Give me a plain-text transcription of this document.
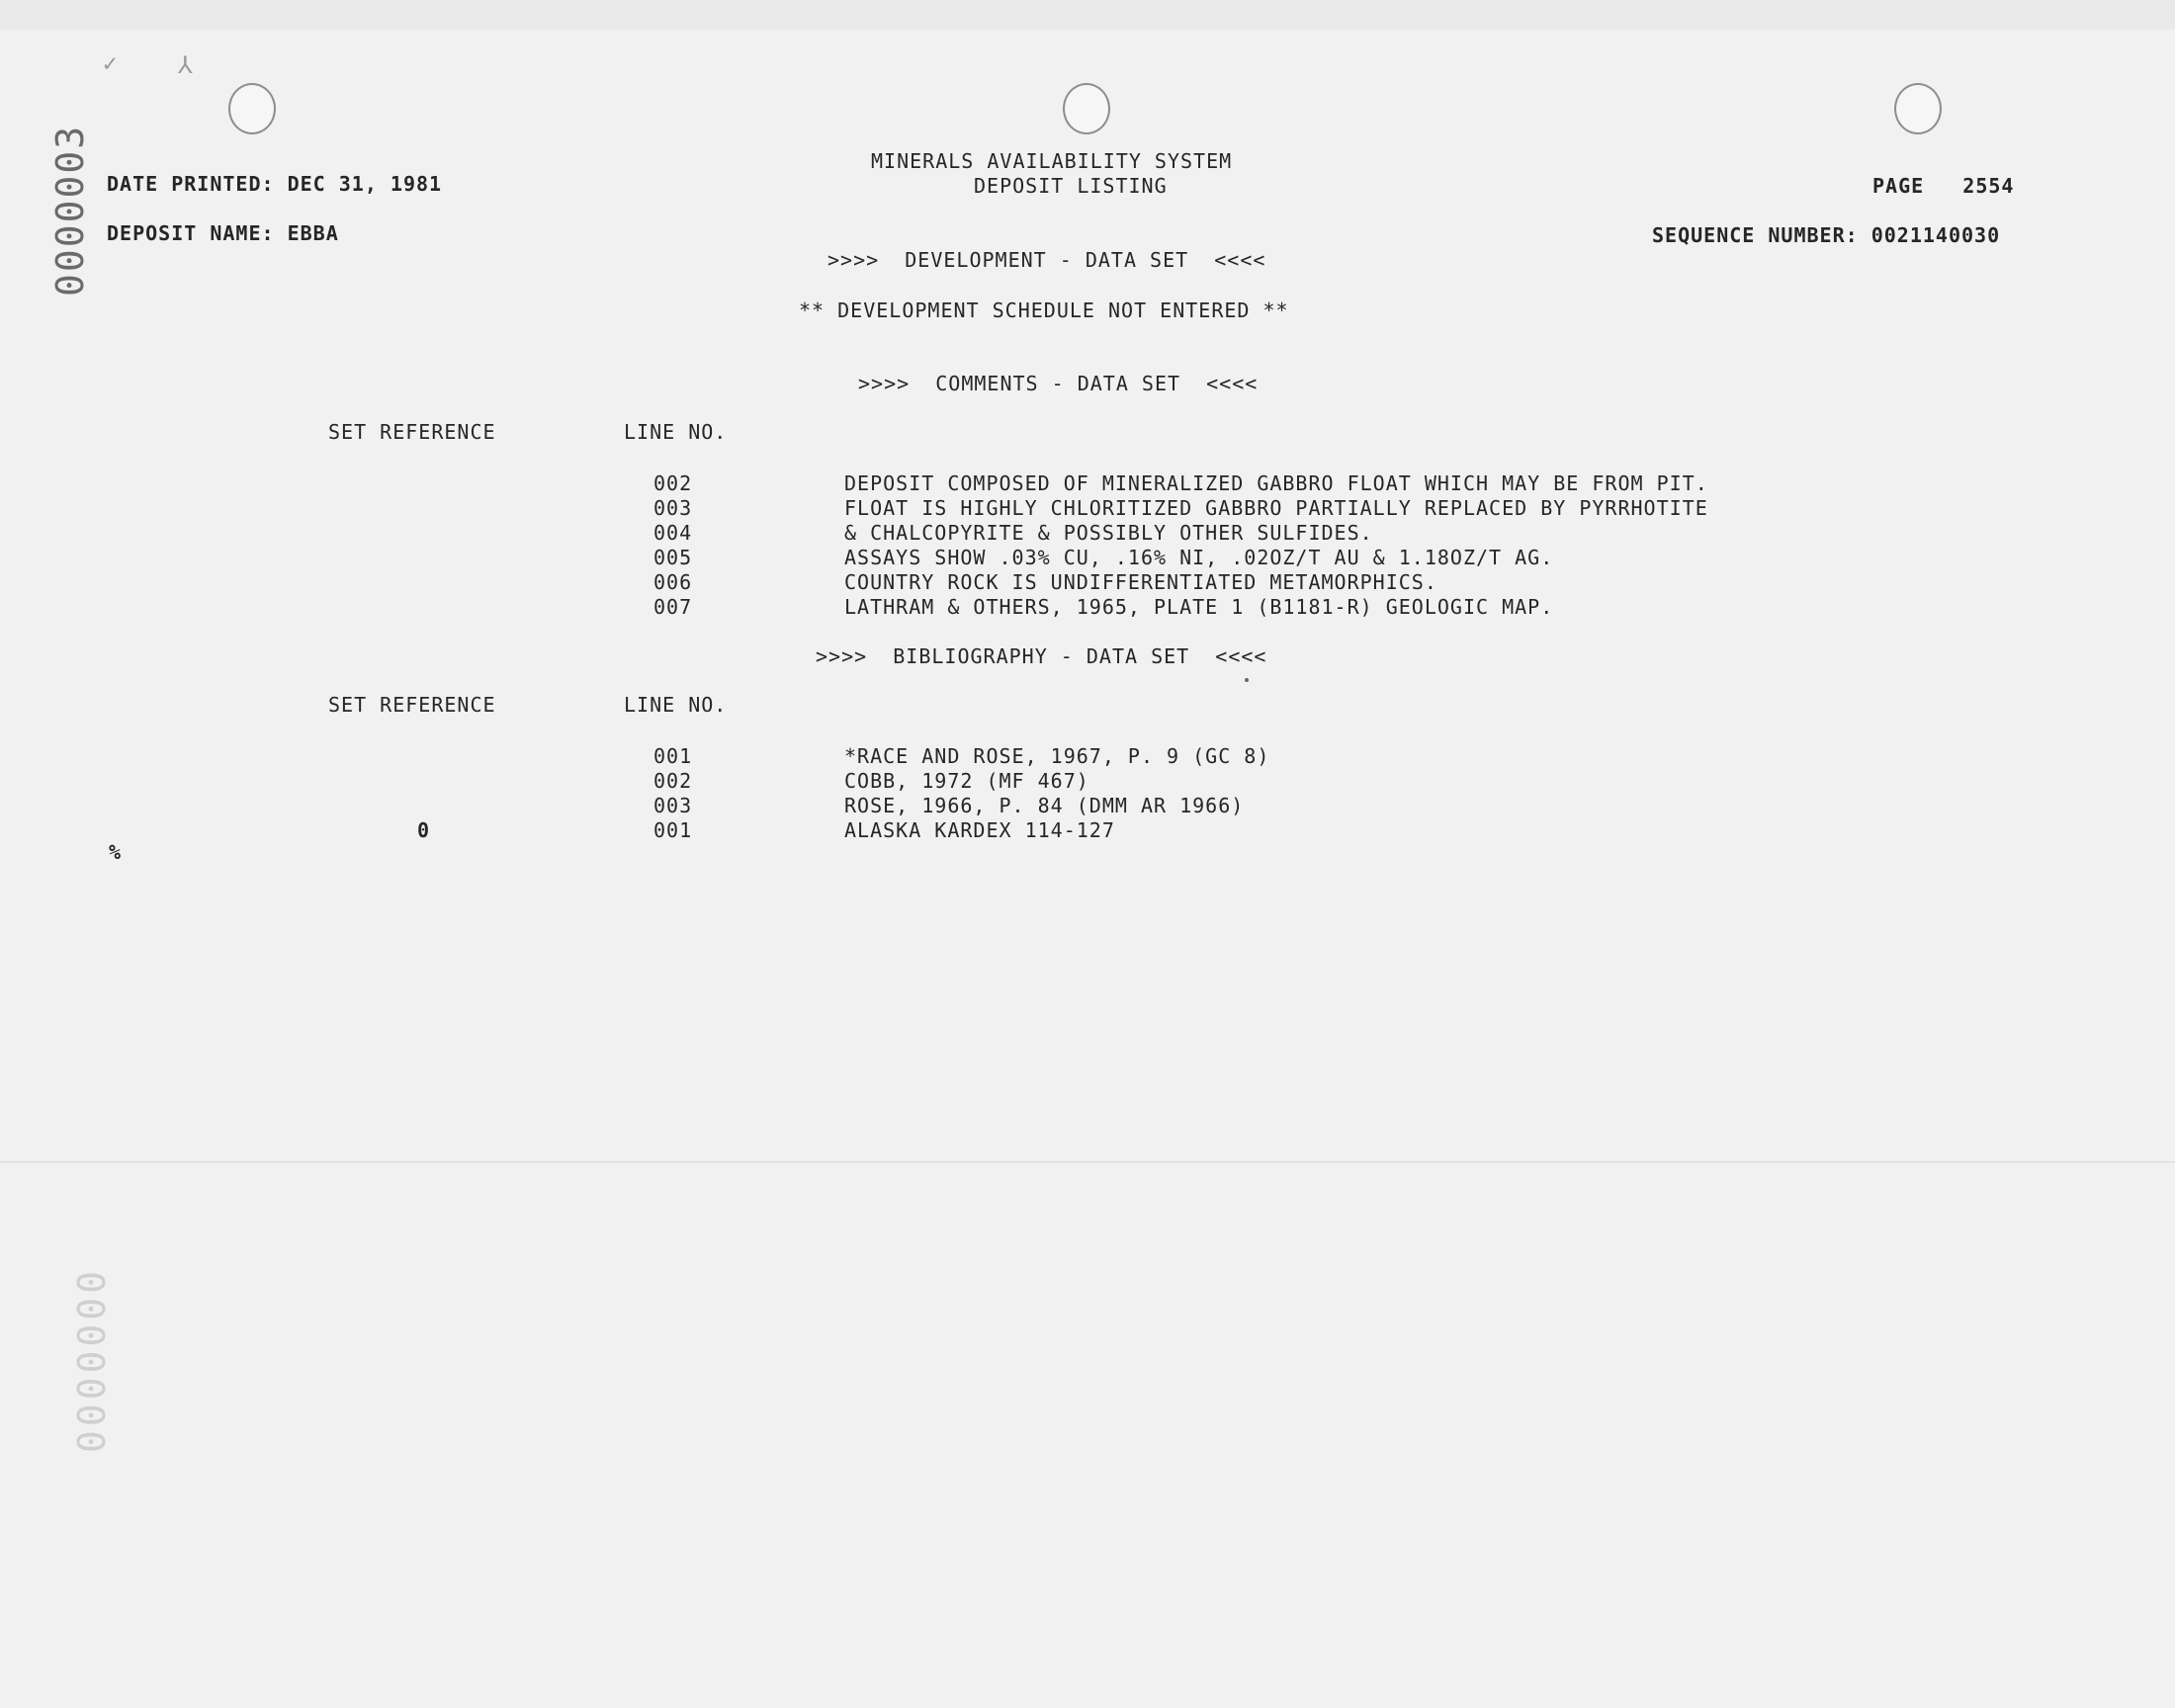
✓	⅄
0000003
0000000
MINERALS AVAILABILITY SYSTEM
DEPOSIT LISTING
DATE PRINTED: DEC 31, 1981	PAGE   2554
DEPOSIT NAME: EBBA	SEQUENCE NUMBER: 0021140030
>>>>  DEVELOPMENT - DATA SET  <<<<
** DEVELOPMENT SCHEDULE NOT ENTERED **
>>>>  COMMENTS - DATA SET  <<<<
SET REFERENCE	LINE NO.
002	DEPOSIT COMPOSED OF MINERALIZED GABBRO FLOAT WHICH MAY BE FROM PIT.
003	FLOAT IS HIGHLY CHLORITIZED GABBRO PARTIALLY REPLACED BY PYRRHOTITE
004	& CHALCOPYRITE & POSSIBLY OTHER SULFIDES.
005	ASSAYS SHOW .03% CU, .16% NI, .02OZ/T AU & 1.18OZ/T AG.
006	COUNTRY ROCK IS UNDIFFERENTIATED METAMORPHICS.
007	LATHRAM & OTHERS, 1965, PLATE 1 (B1181-R) GEOLOGIC MAP.
>>>>  BIBLIOGRAPHY - DATA SET  <<<<
SET REFERENCE	LINE NO.
001	*RACE AND ROSE, 1967, P. 9 (GC 8)
002	COBB, 1972 (MF 467)
003	ROSE, 1966, P. 84 (DMM AR 1966)
0	001	ALASKA KARDEX 114-127
%
